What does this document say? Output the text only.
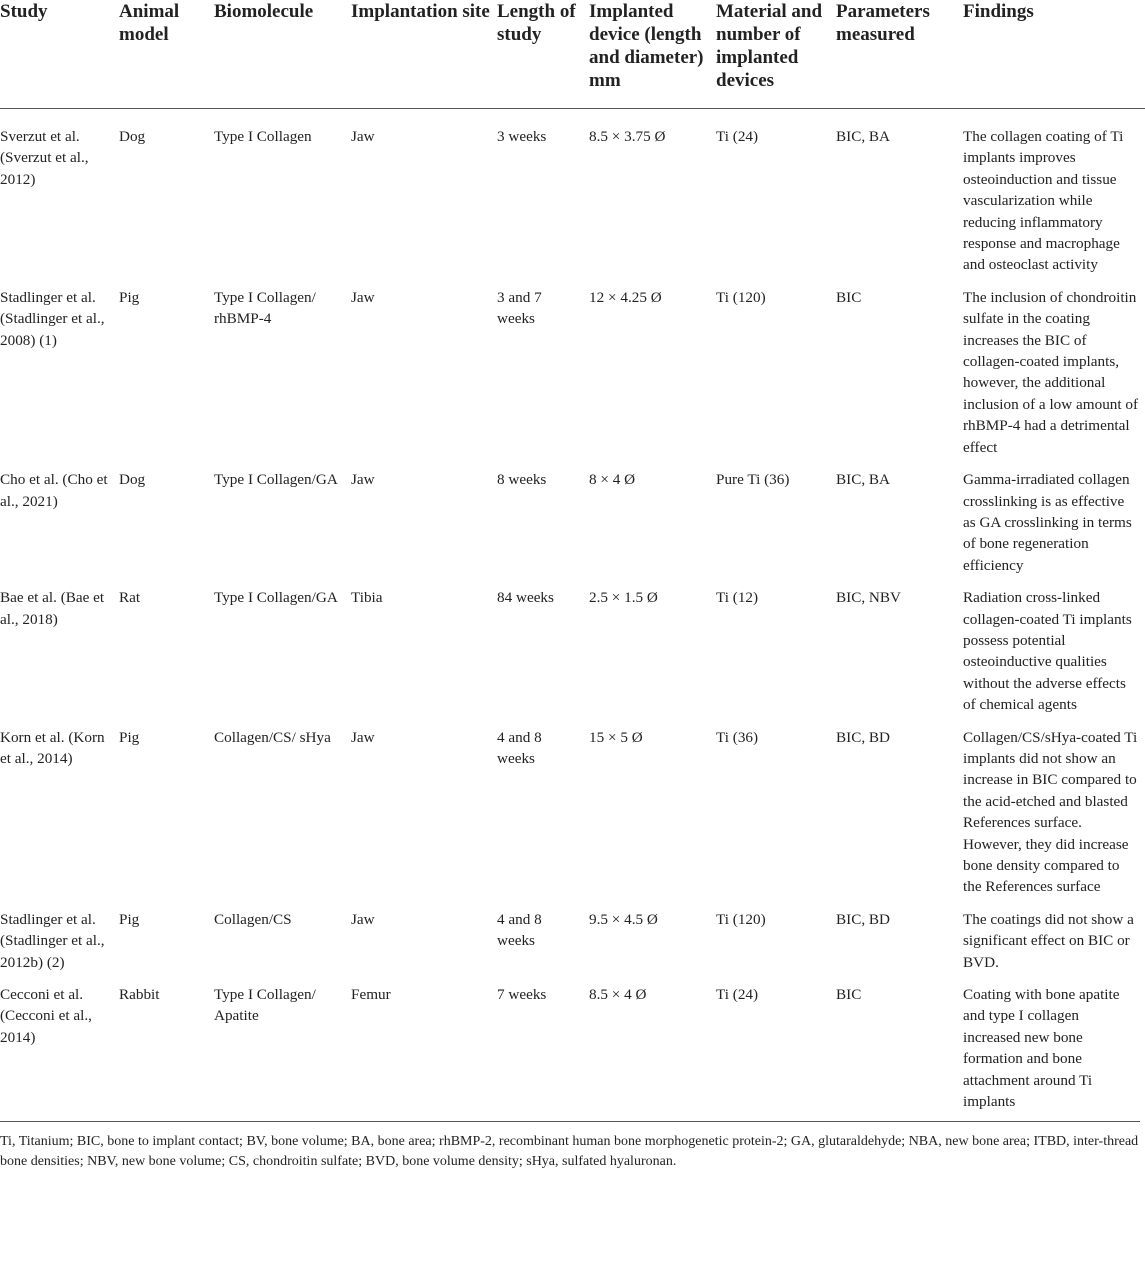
Study	Animal model	Biomolecule	Implantation site	Length of study	Implanted device (length and diameter) mm	Material and number of implanted devices	Parameters measured	Findings
Sverzut et al. (Sverzut et al., 2012)	Dog	Type I Collagen	Jaw	3 weeks	8.5 × 3.75 Ø	Ti (24)	BIC, BA	The collagen coating of Ti implants improves osteoinduction and tissue vascularization while reducing inflammatory response and macrophage and osteoclast activity
Stadlinger et al. (Stadlinger et al., 2008) (1)	Pig	Type I Collagen/ rhBMP-4	Jaw	3 and 7 weeks	12 × 4.25 Ø	Ti (120)	BIC	The inclusion of chondroitin sulfate in the coating increases the BIC of collagen-coated implants, however, the additional inclusion of a low amount of rhBMP-4 had a detrimental effect
Cho et al. (Cho et al., 2021)	Dog	Type I Collagen/GA	Jaw	8 weeks	8 × 4 Ø	Pure Ti (36)	BIC, BA	Gamma-irradiated collagen crosslinking is as effective as GA crosslinking in terms of bone regeneration efficiency
Bae et al. (Bae et al., 2018)	Rat	Type I Collagen/GA	Tibia	84 weeks	2.5 × 1.5 Ø	Ti (12)	BIC, NBV	Radiation cross-linked collagen-coated Ti implants possess potential osteoinductive qualities without the adverse effects of chemical agents
Korn et al. (Korn et al., 2014)	Pig	Collagen/CS/ sHya	Jaw	4 and 8 weeks	15 × 5 Ø	Ti (36)	BIC, BD	Collagen/CS/sHya-coated Ti implants did not show an increase in BIC compared to the acid-etched and blasted References surface. However, they did increase bone density compared to the References surface
Stadlinger et al. (Stadlinger et al., 2012b) (2)	Pig	Collagen/CS	Jaw	4 and 8 weeks	9.5 × 4.5 Ø	Ti (120)	BIC, BD	The coatings did not show a significant effect on BIC or BVD.
Cecconi et al. (Cecconi et al., 2014)	Rabbit	Type I Collagen/ Apatite	Femur	7 weeks	8.5 × 4 Ø	Ti (24)	BIC	Coating with bone apatite and type I collagen increased new bone formation and bone attachment around Ti implants
Ti, Titanium; BIC, bone to implant contact; BV, bone volume; BA, bone area; rhBMP-2, recombinant human bone morphogenetic protein-2; GA, glutaraldehyde; NBA, new bone area; ITBD, inter-thread bone densities; NBV, new bone volume; CS, chondroitin sulfate; BVD, bone volume density; sHya, sulfated hyaluronan.
